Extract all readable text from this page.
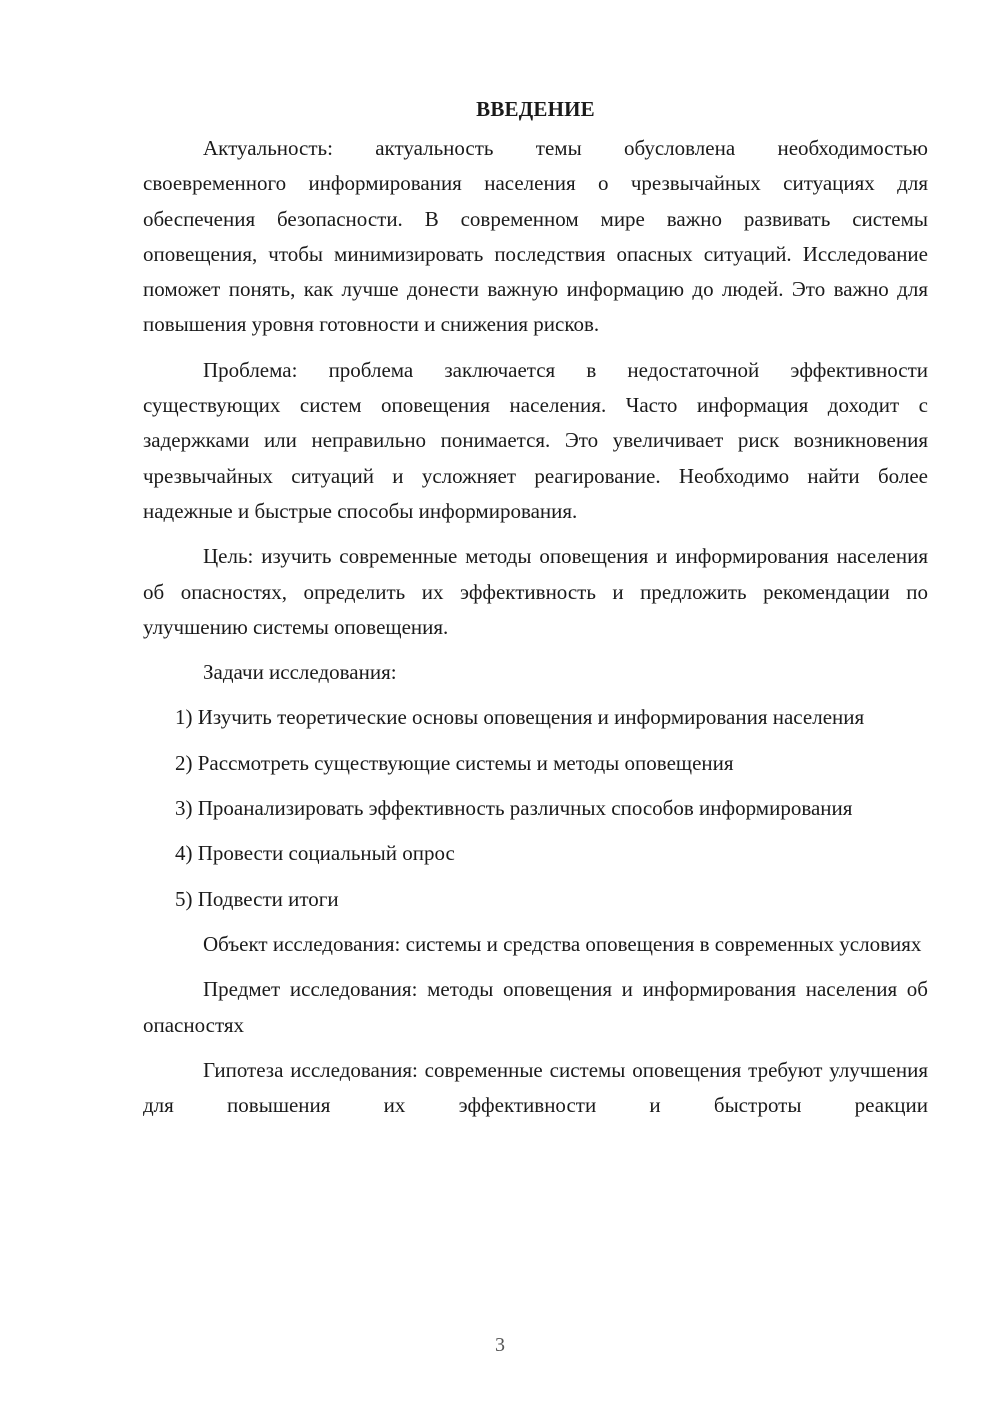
ВВЕДЕНИЕ

Актуальность: актуальность темы обусловлена необходимостью своевременного информирования населения о чрезвычайных ситуациях для обеспечения безопасности. В современном мире важно развивать системы оповещения, чтобы минимизировать последствия опасных ситуаций. Исследование поможет понять, как лучше донести важную информацию до людей. Это важно для повышения уровня готовности и снижения рисков.

Проблема: проблема заключается в недостаточной эффективности существующих систем оповещения населения. Часто информация доходит с задержками или неправильно понимается. Это увеличивает риск возникновения чрезвычайных ситуаций и усложняет реагирование. Необходимо найти более надежные и быстрые способы информирования.

Цель: изучить современные методы оповещения и информирования населения об опасностях, определить их эффективность и предложить рекомендации по улучшению системы оповещения.

Задачи исследования:

1) Изучить теоретические основы оповещения и информирования населения

2) Рассмотреть существующие системы и методы оповещения

3) Проанализировать эффективность различных способов информирования

4) Провести социальный опрос

5) Подвести итоги

Объект исследования: системы и средства оповещения в современных условиях

Предмет исследования: методы оповещения и информирования населения об опасностях

Гипотеза исследования: современные системы оповещения требуют улучшения для повышения их эффективности и быстроты реакции

3
